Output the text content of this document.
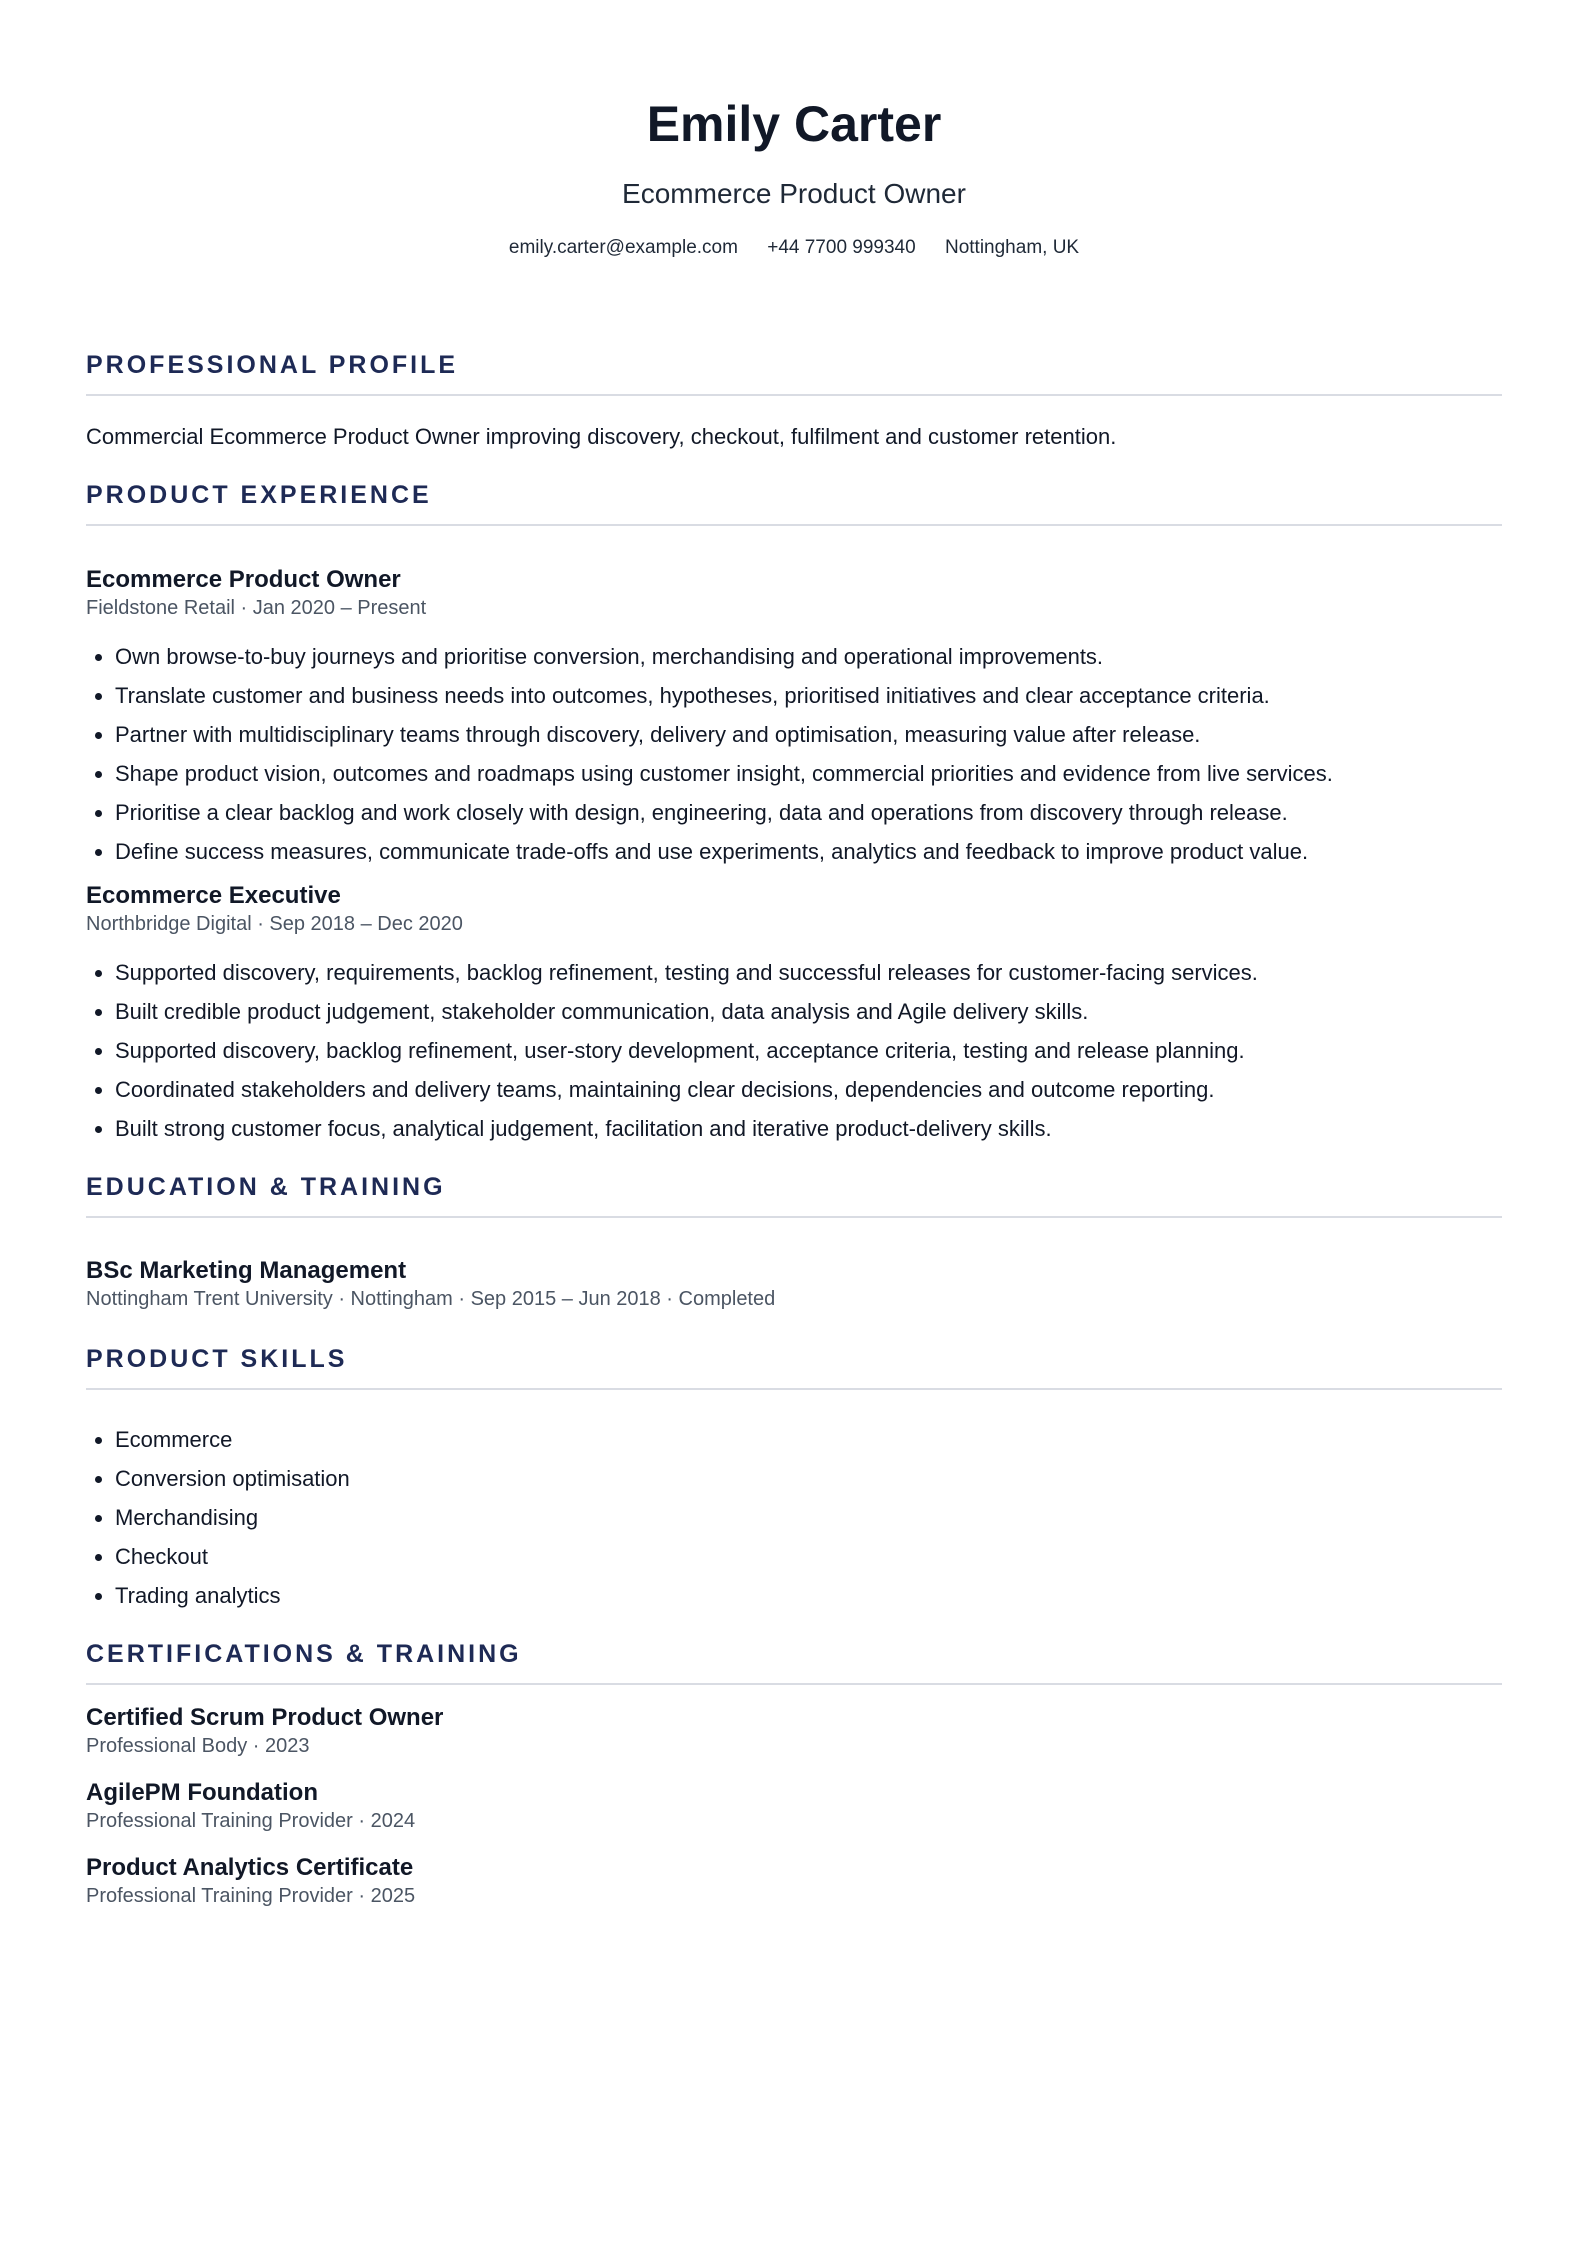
Emily Carter
Ecommerce Product Owner
emily.carter@example.com +44 7700 999340 Nottingham, UK
PROFESSIONAL PROFILE
Commercial Ecommerce Product Owner improving discovery, checkout, fulfilment and customer retention.
PRODUCT EXPERIENCE
Ecommerce Product Owner
Fieldstone Retail · Jan 2020 – Present
• Own browse-to-buy journeys and prioritise conversion, merchandising and operational improvements.
• Translate customer and business needs into outcomes, hypotheses, prioritised initiatives and clear acceptance criteria.
• Partner with multidisciplinary teams through discovery, delivery and optimisation, measuring value after release.
• Shape product vision, outcomes and roadmaps using customer insight, commercial priorities and evidence from live services.
• Prioritise a clear backlog and work closely with design, engineering, data and operations from discovery through release.
• Define success measures, communicate trade-offs and use experiments, analytics and feedback to improve product value.
Ecommerce Executive
Northbridge Digital · Sep 2018 – Dec 2020
• Supported discovery, requirements, backlog refinement, testing and successful releases for customer-facing services.
• Built credible product judgement, stakeholder communication, data analysis and Agile delivery skills.
• Supported discovery, backlog refinement, user-story development, acceptance criteria, testing and release planning.
• Coordinated stakeholders and delivery teams, maintaining clear decisions, dependencies and outcome reporting.
• Built strong customer focus, analytical judgement, facilitation and iterative product-delivery skills.
EDUCATION & TRAINING
BSc Marketing Management
Nottingham Trent University · Nottingham · Sep 2015 – Jun 2018 · Completed
PRODUCT SKILLS
• Ecommerce
• Conversion optimisation
• Merchandising
• Checkout
• Trading analytics
CERTIFICATIONS & TRAINING
Certified Scrum Product Owner
Professional Body · 2023
AgilePM Foundation
Professional Training Provider · 2024
Product Analytics Certificate
Professional Training Provider · 2025
